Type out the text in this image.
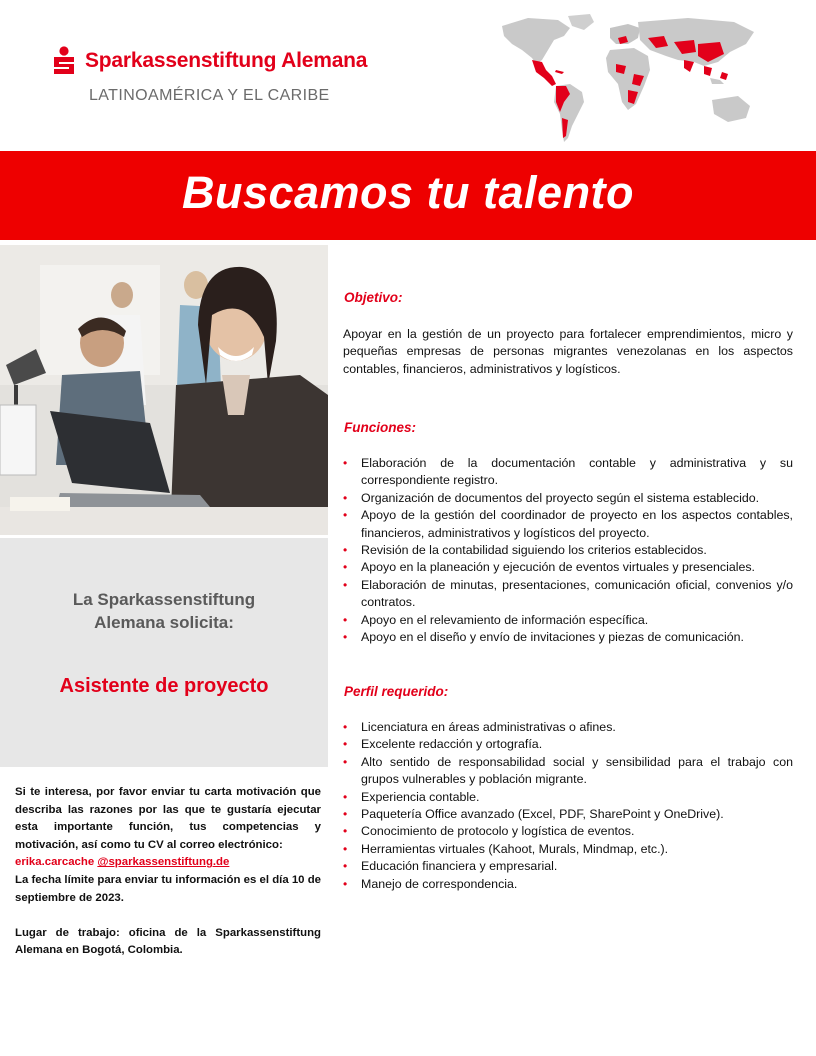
Sparkassenstiftung Alemana
LATINOAMÉRICA Y EL CARIBE
Buscamos tu talento
La Sparkassenstiftung
Alemana solicita:
Asistente de proyecto

Si te interesa, por favor enviar tu carta motivación que describa las razones por las que te gustaría ejecutar esta importante función, tus competencias y motivación, así como tu CV al correo electrónico:

erika.carcache @sparkassenstiftung.de

La fecha límite para enviar tu información es el día 10 de septiembre de 2023.

Lugar de trabajo: oficina de la Sparkassenstiftung Alemana en Bogotá, Colombia.

Objetivo:
Apoyar en la gestión de un proyecto para fortalecer emprendimientos, micro y pequeñas empresas de personas migrantes venezolanas en los aspectos contables, financieros, administrativos y logísticos.
Funciones:
• Elaboración de la documentación contable y administrativa y su correspondiente registro.
• Organización de documentos del proyecto según el sistema establecido.
• Apoyo de la gestión del coordinador de proyecto en los aspectos contables, financieros, administrativos y logísticos del proyecto.
• Revisión de la contabilidad siguiendo los criterios establecidos.
• Apoyo en la planeación y ejecución de eventos virtuales y presenciales.
• Elaboración de minutas, presentaciones, comunicación oficial, convenios y/o contratos.
• Apoyo en el relevamiento de información específica.
• Apoyo en el diseño y envío de invitaciones y piezas de comunicación.
Perfil requerido:
• Licenciatura en áreas administrativas o afines.
• Excelente redacción y ortografía.
• Alto sentido de responsabilidad social y sensibilidad para el trabajo con grupos vulnerables y población migrante.
• Experiencia contable.
• Paquetería Office avanzado (Excel, PDF, SharePoint y OneDrive).
• Conocimiento de protocolo y logística de eventos.
• Herramientas virtuales (Kahoot, Murals, Mindmap, etc.).
• Educación financiera y empresarial.
• Manejo de correspondencia.
